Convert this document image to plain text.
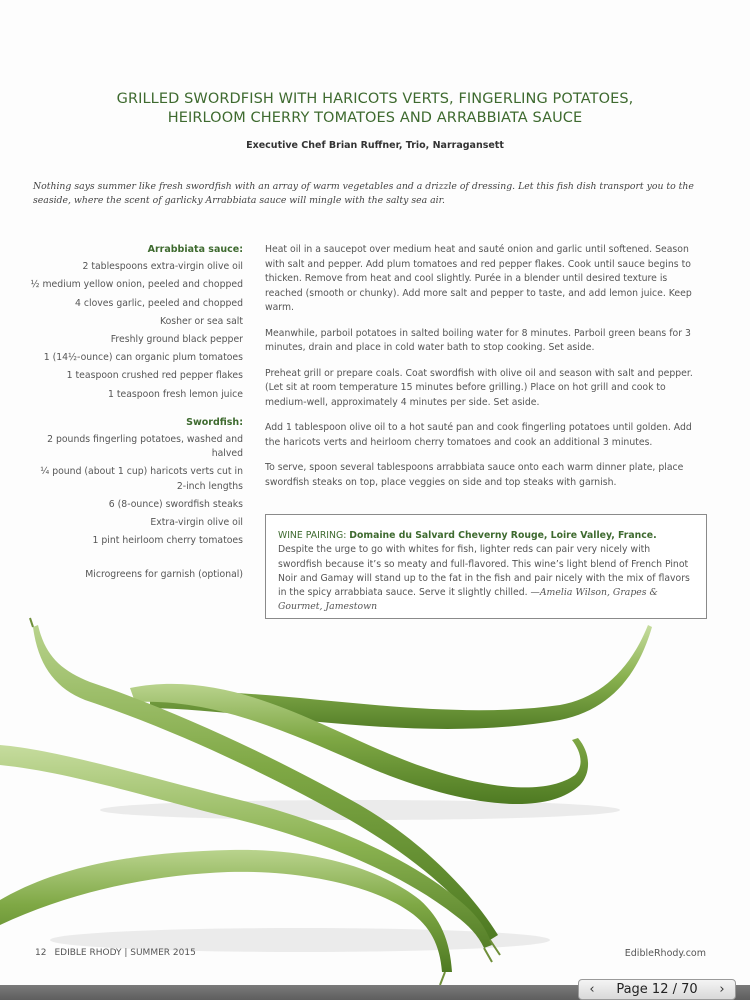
GRILLED SWORDFISH WITH HARICOTS VERTS, FINGERLING POTATOES,
HEIRLOOM CHERRY TOMATOES AND ARRABBIATA SAUCE

Executive Chef Brian Ruffner, Trio, Narragansett

Nothing says summer like fresh swordfish with an array of warm vegetables and a drizzle of dressing. Let this fish dish transport you to the seaside, where the scent of garlicky Arrabbiata sauce will mingle with the salty sea air.

Arrabbiata sauce:
2 tablespoons extra-virgin olive oil
½ medium yellow onion, peeled and chopped
4 cloves garlic, peeled and chopped
Kosher or sea salt
Freshly ground black pepper
1 (14½-ounce) can organic plum tomatoes
1 teaspoon crushed red pepper flakes
1 teaspoon fresh lemon juice
Swordfish:
2 pounds fingerling potatoes, washed and halved
¼ pound (about 1 cup) haricots verts cut in 2-inch lengths
6 (8-ounce) swordfish steaks
Extra-virgin olive oil
1 pint heirloom cherry tomatoes
Microgreens for garnish (optional)

Heat oil in a saucepot over medium heat and sauté onion and garlic until softened. Season with salt and pepper. Add plum tomatoes and red pepper flakes. Cook until sauce begins to thicken. Remove from heat and cool slightly. Purée in a blender until desired texture is reached (smooth or chunky). Add more salt and pepper to taste, and add lemon juice. Keep warm.

Meanwhile, parboil potatoes in salted boiling water for 8 minutes. Parboil green beans for 3 minutes, drain and place in cold water bath to stop cooking. Set aside.

Preheat grill or prepare coals. Coat swordfish with olive oil and season with salt and pepper. (Let sit at room temperature 15 minutes before grilling.) Place on hot grill and cook to medium-well, approximately 4 minutes per side. Set aside.

Add 1 tablespoon olive oil to a hot sauté pan and cook fingerling potatoes until golden. Add the haricots verts and heirloom cherry tomatoes and cook an additional 3 minutes.

To serve, spoon several tablespoons arrabbiata sauce onto each warm dinner plate, place swordfish steaks on top, place veggies on side and top steaks with garnish.

WINE PAIRING: Domaine du Salvard Cheverny Rouge, Loire Valley, France. Despite the urge to go with whites for fish, lighter reds can pair very nicely with swordfish because it’s so meaty and full-flavored. This wine’s light blend of French Pinot Noir and Gamay will stand up to the fat in the fish and pair nicely with the mix of flavors in the spicy arrabbiata sauce. Serve it slightly chilled. —Amelia Wilson, Grapes & Gourmet, Jamestown
12 EDIBLE RHODY | SUMMER 2015	EdibleRhody.com
‹	Page 12 / 70	›
